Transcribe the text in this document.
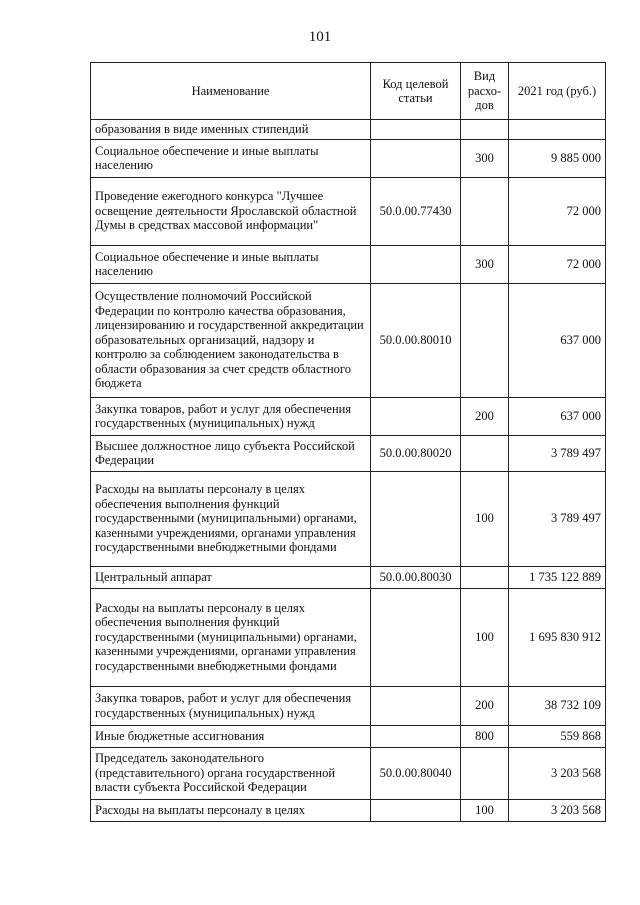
101
Наименование	Код целевой статьи	Вид расхо-дов	2021 год (руб.)
образования в виде именных стипендий			
Социальное обеспечение и иные выплаты населению		300	9 885 000
Проведение ежегодного конкурса "Лучшее освещение деятельности Ярославской областной Думы в средствах массовой информации"	50.0.00.77430		72 000
Социальное обеспечение и иные выплаты населению		300	72 000
Осуществление полномочий Российской Федерации по контролю качества образования, лицензированию и государственной аккредитации образовательных организаций, надзору и контролю за соблюдением законодательства в области образования за счет средств областного бюджета	50.0.00.80010		637 000
Закупка товаров, работ и услуг для обеспечения государственных (муниципальных) нужд		200	637 000
Высшее должностное лицо субъекта Российской Федерации	50.0.00.80020		3 789 497
Расходы на выплаты персоналу в целях обеспечения выполнения функций государственными (муниципальными) органами, казенными учреждениями, органами управления государственными внебюджетными фондами		100	3 789 497
Центральный аппарат	50.0.00.80030		1 735 122 889
Расходы на выплаты персоналу в целях обеспечения выполнения функций государственными (муниципальными) органами, казенными учреждениями, органами управления государственными внебюджетными фондами		100	1 695 830 912
Закупка товаров, работ и услуг для обеспечения государственных (муниципальных) нужд		200	38 732 109
Иные бюджетные ассигнования		800	559 868
Председатель законодательного (представительного) органа государственной власти субъекта Российской Федерации	50.0.00.80040		3 203 568
Расходы на выплаты персоналу в целях		100	3 203 568
